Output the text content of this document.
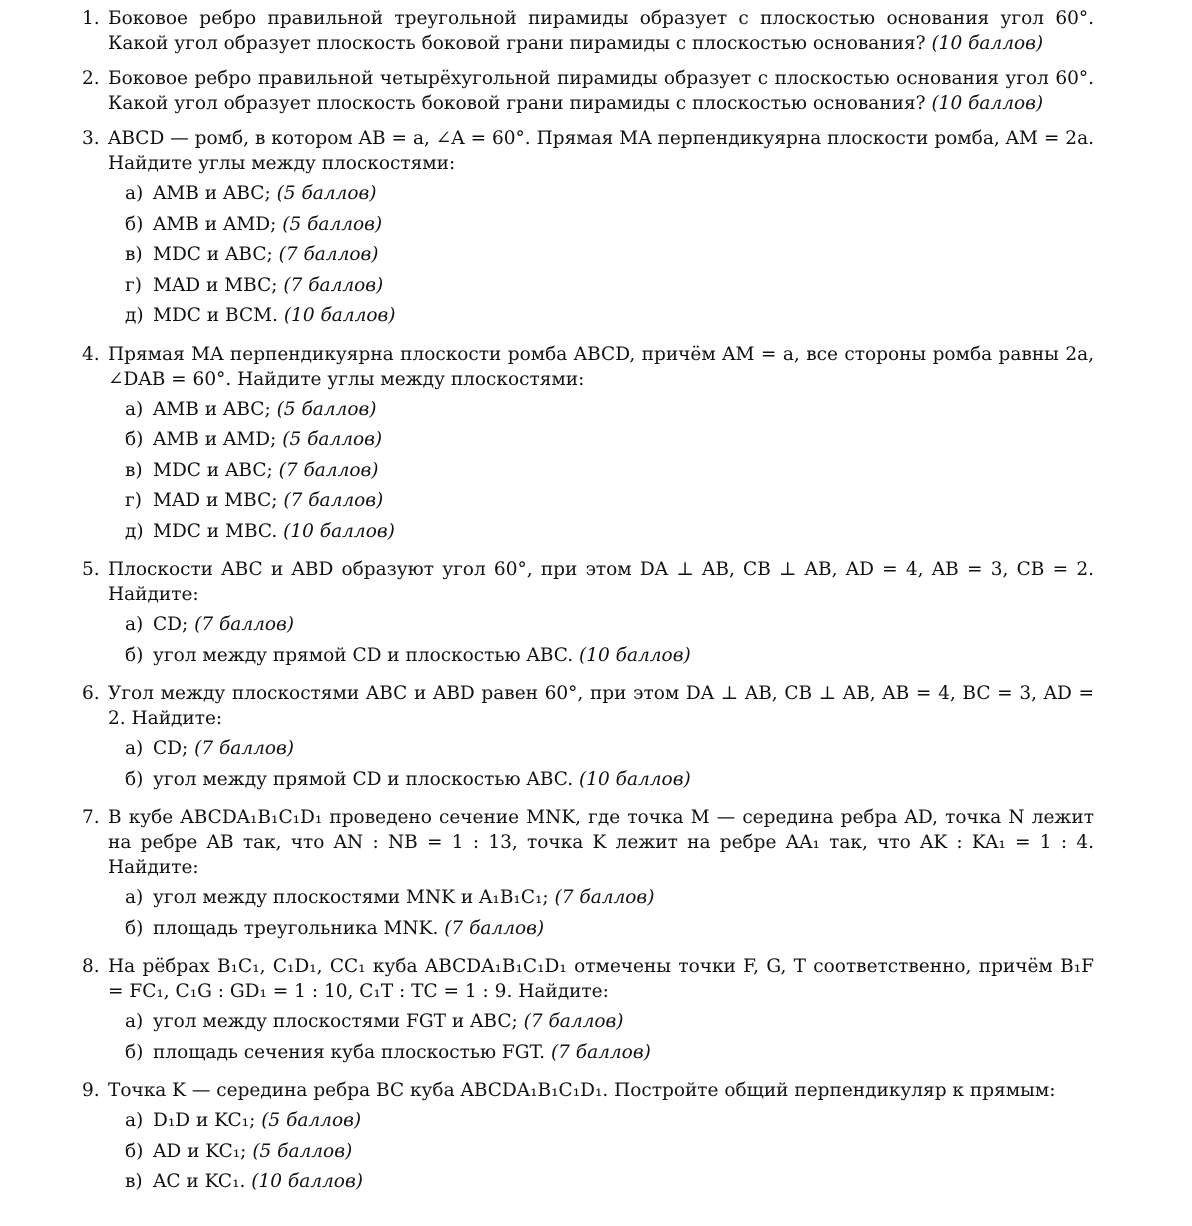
1. Боковое ребро правильной треугольной пирамиды образует с плоскостью основания угол 60°. Какой угол образует плоскость боковой грани пирамиды с плоскостью основания? (10 баллов)
2. Боковое ребро правильной четырёхугольной пирамиды образует с плоскостью основания угол 60°. Какой угол образует плоскость боковой грани пирамиды с плоскостью основания? (10 баллов)
3. ABCD — ромб, в котором AB = a, ∠A = 60°. Прямая MA перпендикуярна плоскости ромба, AM = 2a. Найдите углы между плоскостями:
а) AMB и ABC; (5 баллов)
б) AMB и AMD; (5 баллов)
в) MDC и ABC; (7 баллов)
г) MAD и MBC; (7 баллов)
д) MDC и BCM. (10 баллов)
4. Прямая MA перпендикуярна плоскости ромба ABCD, причём AM = a, все стороны ромба равны 2a, ∠DAB = 60°. Найдите углы между плоскостями:
а) AMB и ABC; (5 баллов)
б) AMB и AMD; (5 баллов)
в) MDC и ABC; (7 баллов)
г) MAD и MBC; (7 баллов)
д) MDC и MBC. (10 баллов)
5. Плоскости ABC и ABD образуют угол 60°, при этом DA ⊥ AB, CB ⊥ AB, AD = 4, AB = 3, CB = 2. Найдите:
а) CD; (7 баллов)
б) угол между прямой CD и плоскостью ABC. (10 баллов)
6. Угол между плоскостями ABC и ABD равен 60°, при этом DA ⊥ AB, CB ⊥ AB, AB = 4, BC = 3, AD = 2. Найдите:
а) CD; (7 баллов)
б) угол между прямой CD и плоскостью ABC. (10 баллов)
7. В кубе ABCDA₁B₁C₁D₁ проведено сечение MNK, где точка M — середина ребра AD, точка N лежит на ребре AB так, что AN : NB = 1 : 13, точка K лежит на ребре AA₁ так, что AK : KA₁ = 1 : 4. Найдите:
а) угол между плоскостями MNK и A₁B₁C₁; (7 баллов)
б) площадь треугольника MNK. (7 баллов)
8. На рёбрах B₁C₁, C₁D₁, CC₁ куба ABCDA₁B₁C₁D₁ отмечены точки F, G, T соответственно, причём B₁F = FC₁, C₁G : GD₁ = 1 : 10, C₁T : TC = 1 : 9. Найдите:
а) угол между плоскостями FGT и ABC; (7 баллов)
б) площадь сечения куба плоскостью FGT. (7 баллов)
9. Точка K — середина ребра BC куба ABCDA₁B₁C₁D₁. Постройте общий перпендикуляр к прямым:
а) D₁D и KC₁; (5 баллов)
б) AD и KC₁; (5 баллов)
в) AC и KC₁. (10 баллов)
